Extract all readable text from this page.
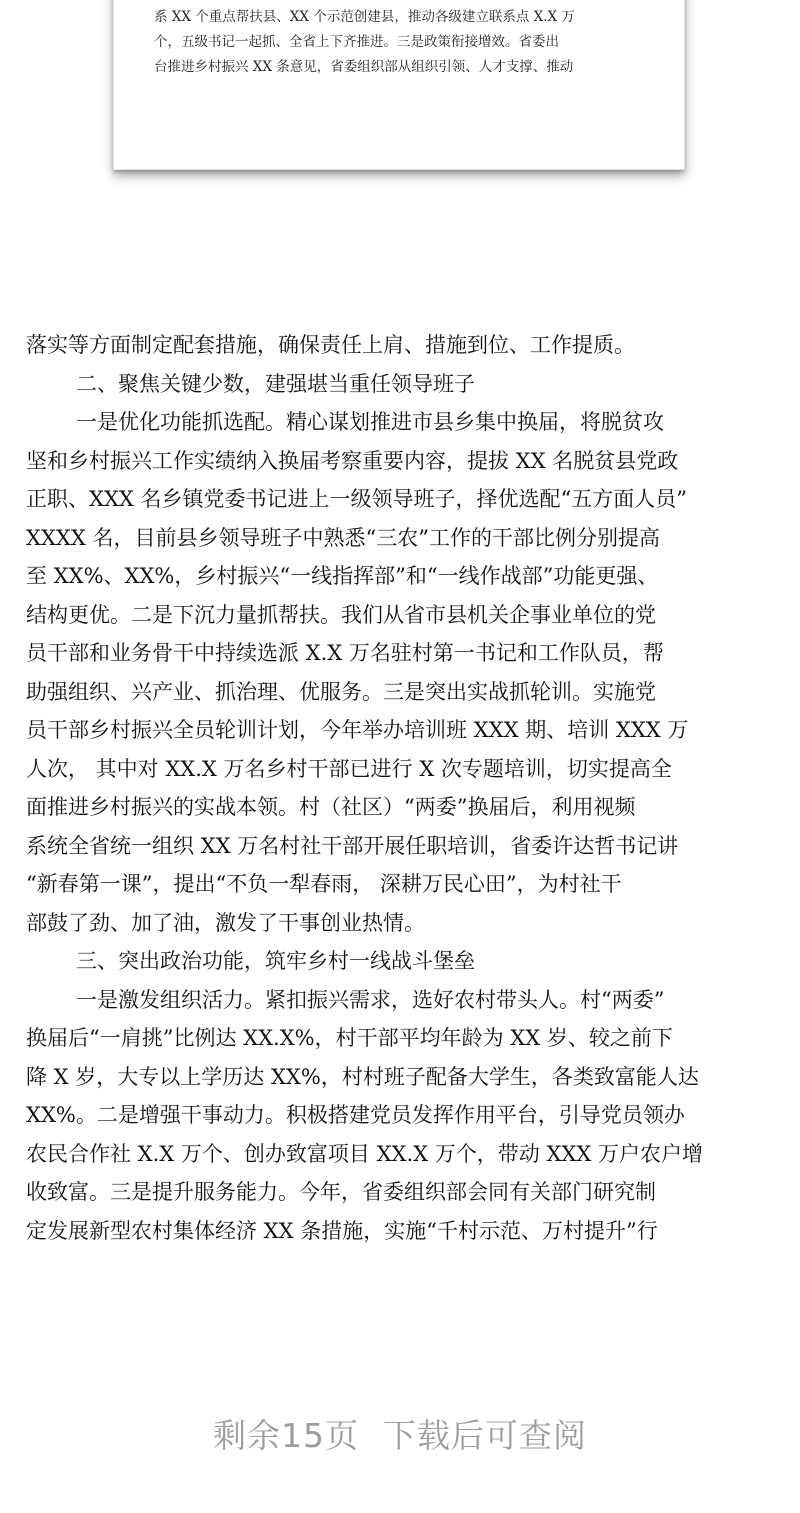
系 XX 个重点帮扶县、XX 个示范创建县，推动各级建立联系点 X.X 万
个，五级书记一起抓、全省上下齐推进。三是政策衔接增效。省委出
台推进乡村振兴 XX 条意见，省委组织部从组织引领、人才支撑、推动
落实等方面制定配套措施，确保责任上肩、措施到位、工作提质。
二、聚焦关键少数，建强堪当重任领导班子
一是优化功能抓选配。精心谋划推进市县乡集中换届，将脱贫攻
坚和乡村振兴工作实绩纳入换届考察重要内容，提拔 XX 名脱贫县党政
正职、XXX 名乡镇党委书记进上一级领导班子，择优选配“五方面人员”
XXXX 名，目前县乡领导班子中熟悉“三农”工作的干部比例分别提高
至 XX%、XX%，乡村振兴“一线指挥部”和“一线作战部”功能更强、
结构更优。二是下沉力量抓帮扶。我们从省市县机关企事业单位的党
员干部和业务骨干中持续选派 X.X 万名驻村第一书记和工作队员，帮
助强组织、兴产业、抓治理、优服务。三是突出实战抓轮训。实施党
员干部乡村振兴全员轮训计划，今年举办培训班 XXX 期、培训 XXX 万
人次， 其中对 XX.X 万名乡村干部已进行 X 次专题培训，切实提高全
面推进乡村振兴的实战本领。村（社区）“两委”换届后，利用视频
系统全省统一组织 XX 万名村社干部开展任职培训，省委许达哲书记讲
“新春第一课”，提出“不负一犁春雨， 深耕万民心田”，为村社干
部鼓了劲、加了油，激发了干事创业热情。
三、突出政治功能，筑牢乡村一线战斗堡垒
一是激发组织活力。紧扣振兴需求，选好农村带头人。村“两委”
换届后“一肩挑”比例达 XX.X%，村干部平均年龄为 XX 岁、较之前下
降 X 岁，大专以上学历达 XX%，村村班子配备大学生，各类致富能人达
XX%。二是增强干事动力。积极搭建党员发挥作用平台，引导党员领办
农民合作社 X.X 万个、创办致富项目 XX.X 万个，带动 XXX 万户农户增
收致富。三是提升服务能力。今年，省委组织部会同有关部门研究制
定发展新型农村集体经济 XX 条措施，实施“千村示范、万村提升”行
剩余15页 下载后可查阅
